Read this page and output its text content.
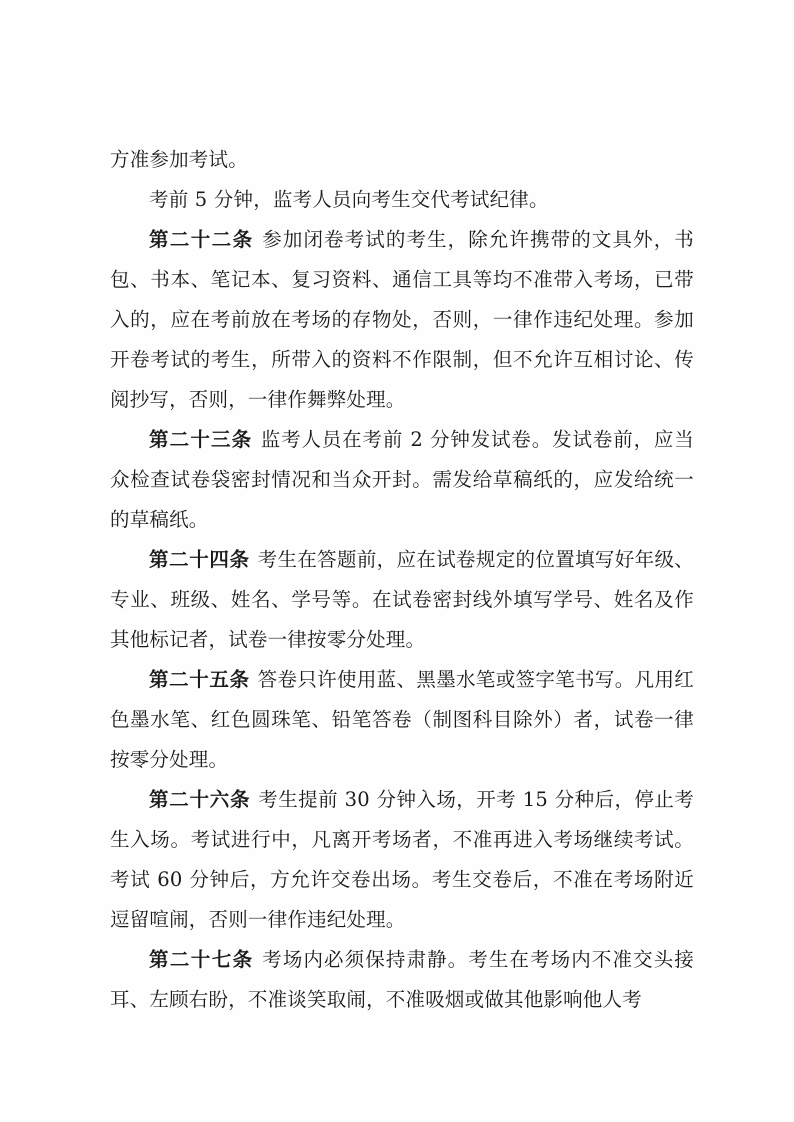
方准参加考试。

考前 5 分钟，监考人员向考生交代考试纪律。

第二十二条 参加闭卷考试的考生，除允许携带的文具外，书包、书本、笔记本、复习资料、通信工具等均不准带入考场，已带入的，应在考前放在考场的存物处，否则，一律作违纪处理。参加开卷考试的考生，所带入的资料不作限制，但不允许互相讨论、传阅抄写，否则，一律作舞弊处理。

第二十三条 监考人员在考前 2 分钟发试卷。发试卷前，应当众检查试卷袋密封情况和当众开封。需发给草稿纸的，应发给统一的草稿纸。

第二十四条 考生在答题前，应在试卷规定的位置填写好年级、专业、班级、姓名、学号等。在试卷密封线外填写学号、姓名及作其他标记者，试卷一律按零分处理。

第二十五条 答卷只许使用蓝、黑墨水笔或签字笔书写。凡用红色墨水笔、红色圆珠笔、铅笔答卷（制图科目除外）者，试卷一律按零分处理。

第二十六条 考生提前 30 分钟入场，开考 15 分种后，停止考生入场。考试进行中，凡离开考场者，不准再进入考场继续考试。考试 60 分钟后，方允许交卷出场。考生交卷后，不准在考场附近逗留喧闹，否则一律作违纪处理。

第二十七条 考场内必须保持肃静。考生在考场内不准交头接耳、左顾右盼，不准谈笑取闹，不准吸烟或做其他影响他人考
